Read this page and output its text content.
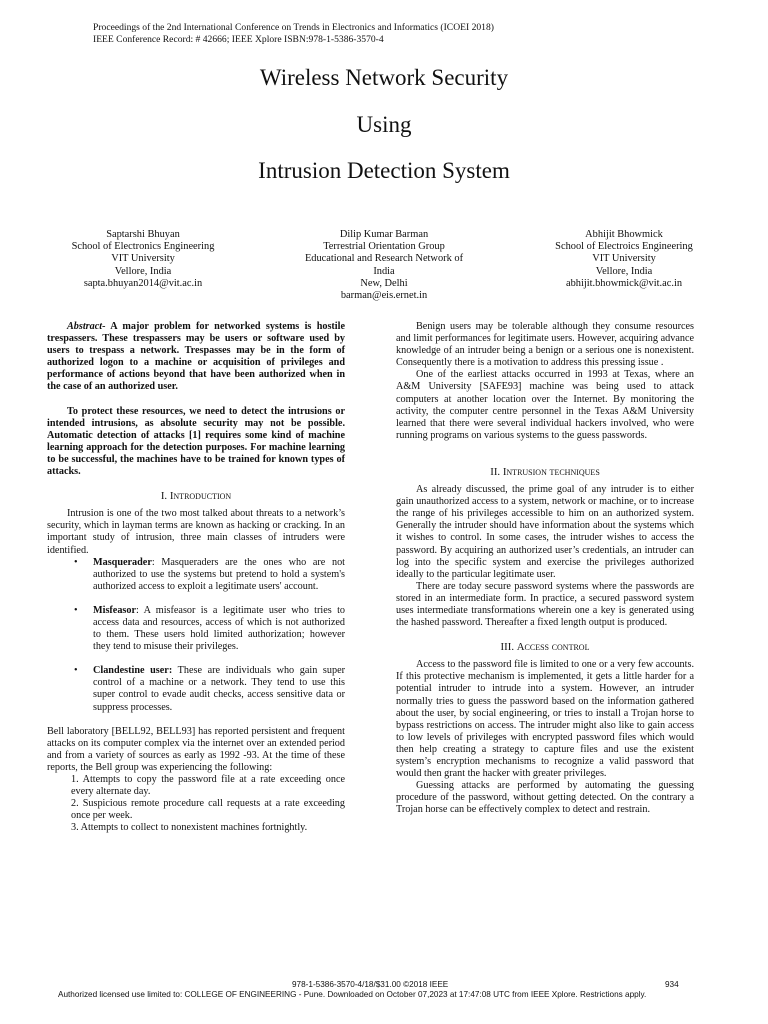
Proceedings of the 2nd International Conference on Trends in Electronics and Informatics (ICOEI 2018)
IEEE Conference Record: # 42666; IEEE Xplore ISBN:978-1-5386-3570-4
Wireless Network Security
Using
Intrusion Detection System
Saptarshi Bhuyan
School of Electronics Engineering
VIT University
Vellore, India
sapta.bhuyan2014@vit.ac.in
Dilip Kumar Barman
Terrestrial Orientation Group
Educational and Research Network of
India
New, Delhi
barman@eis.ernet.in
Abhijit Bhowmick
School of Electroics Engineering
VIT University
Vellore, India
abhijit.bhowmick@vit.ac.in

Abstract- A major problem for networked systems is hostile trespassers. These trespassers may be users or software used by users to trespass a network. Trespasses may be in the form of authorized logon to a machine or acquisition of privileges and performance of actions beyond that have been authorized when in the case of an authorized user.

To protect these resources, we need to detect the intrusions or intended intrusions, as absolute security may not be possible. Automatic detection of attacks [1] requires some kind of machine learning approach for the detection purposes. For machine learning to be successful, the machines have to be trained for known types of attacks.

I. Introduction

Intrusion is one of the two most talked about threats to a network’s security, which in layman terms are known as hacking or cracking. In an important study of intrusion, three main classes of intruders were identified.

• Masquerader: Masqueraders are the ones who are not authorized to use the systems but pretend to hold a system's authorized access to exploit a legitimate users' account.
• Misfeasor: A misfeasor is a legitimate user who tries to access data and resources, access of which is not authorized to them. These users hold limited authorization; however they tend to misuse their privileges.
• Clandestine user: These are individuals who gain super control of a machine or a network. They tend to use this super control to evade audit checks, access sensitive data or suppress processes.

Bell laboratory [BELL92, BELL93] has reported persistent and frequent attacks on its computer complex via the internet over an extended period and from a variety of sources as early as 1992 -93. At the time of these reports, the Bell group was experiencing the following:

1. Attempts to copy the password file at a rate exceeding once every alternate day.
2. Suspicious remote procedure call requests at a rate exceeding once per week.
3. Attempts to collect to nonexistent machines fortnightly.

Benign users may be tolerable although they consume resources and limit performances for legitimate users. However, acquiring advance knowledge of an intruder being a benign or a serious one is nonexistent. Consequently there is a motivation to address this pressing issue .

One of the earliest attacks occurred in 1993 at Texas, where an A&M University [SAFE93] machine was being used to attack computers at another location over the Internet. By monitoring the activity, the computer centre personnel in the Texas A&M University learned that there were several individual hackers involved, who were running programs on various systems to the guess passwords.

II. Intrusion techniques

As already discussed, the prime goal of any intruder is to either gain unauthorized access to a system, network or machine, or to increase the range of his privileges accessible to him on an authorized system. Generally the intruder should have information about the systems which it wishes to control. In some cases, the intruder wishes to access the password. By acquiring an authorized user’s credentials, an intruder can log into the specific system and exercise the privileges authorized ideally to the particular legitimate user.

There are today secure password systems where the passwords are stored in an intermediate form. In practice, a secured password system uses intermediate transformations wherein one a key is generated using the hashed password. Thereafter a fixed length output is produced.

III. Access control

Access to the password file is limited to one or a very few accounts. If this protective mechanism is implemented, it gets a little harder for a potential intruder to intrude into a system. However, an intruder normally tries to guess the password based on the information gathered about the user, by social engineering, or tries to install a Trojan horse to bypass restrictions on access. The intruder might also like to gain access to low levels of privileges with encrypted password files which would then help creating a strategy to capture files and use the existent system’s encryption mechanisms to recognize a valid password that would then grant the hacker with greater privileges.

Guessing attacks are performed by automating the guessing procedure of the password, without getting detected. On the contrary a Trojan horse can be effectively complex to detect and restrain.

978-1-5386-3570-4/18/$31.00 ©2018 IEEE	934
Authorized licensed use limited to: COLLEGE OF ENGINEERING - Pune. Downloaded on October 07,2023 at 17:47:08 UTC from IEEE Xplore. Restrictions apply.
